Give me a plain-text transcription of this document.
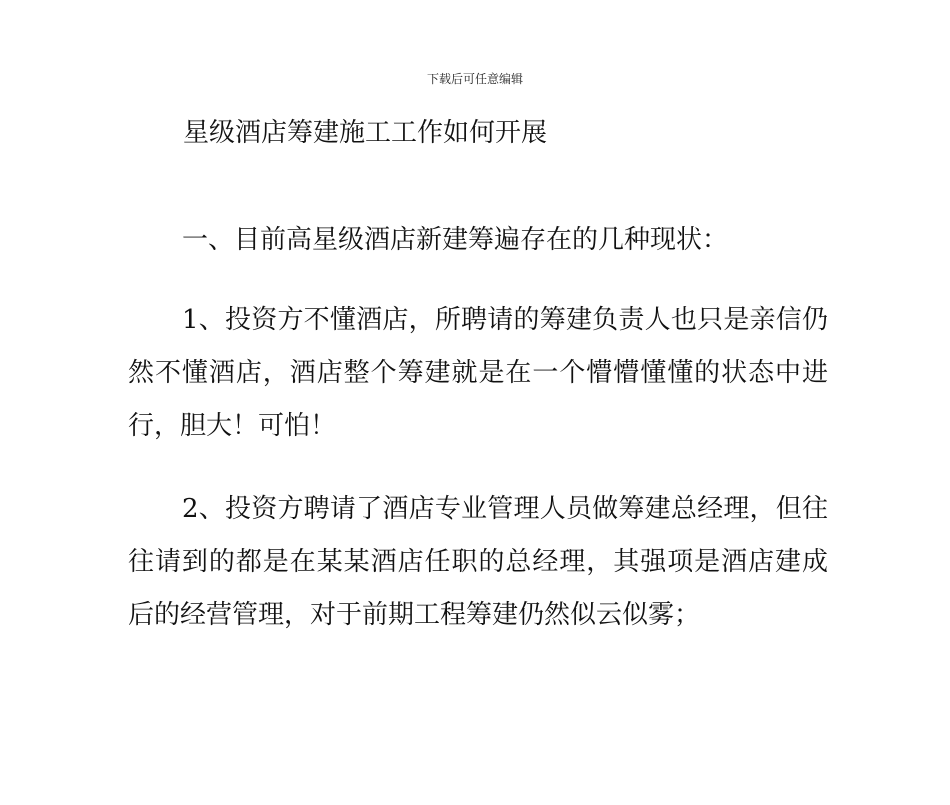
下载后可任意编辑
星级酒店筹建施工工作如何开展

一、目前高星级酒店新建筹遍存在的几种现状：

1、投资方不懂酒店，所聘请的筹建负责人也只是亲信仍然不懂酒店，酒店整个筹建就是在一个懵懵懂懂的状态中进行，胆大！可怕！

2、投资方聘请了酒店专业管理人员做筹建总经理，但往往请到的都是在某某酒店任职的总经理，其强项是酒店建成后的经营管理，对于前期工程筹建仍然似云似雾；
